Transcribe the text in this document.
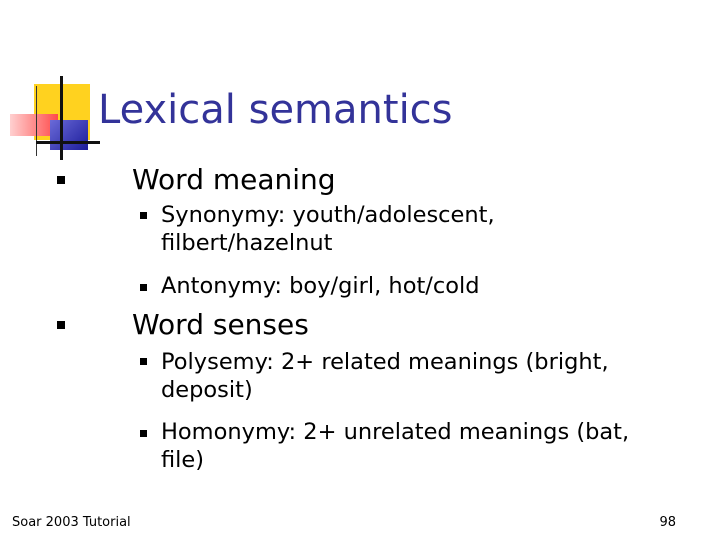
Lexical semantics
Word meaning
Synonymy: youth/adolescent,
filbert/hazelnut
Antonymy: boy/girl, hot/cold
Word senses
Polysemy: 2+ related meanings (bright,
deposit)
Homonymy: 2+ unrelated meanings (bat,
file)
Soar 2003 Tutorial	98
